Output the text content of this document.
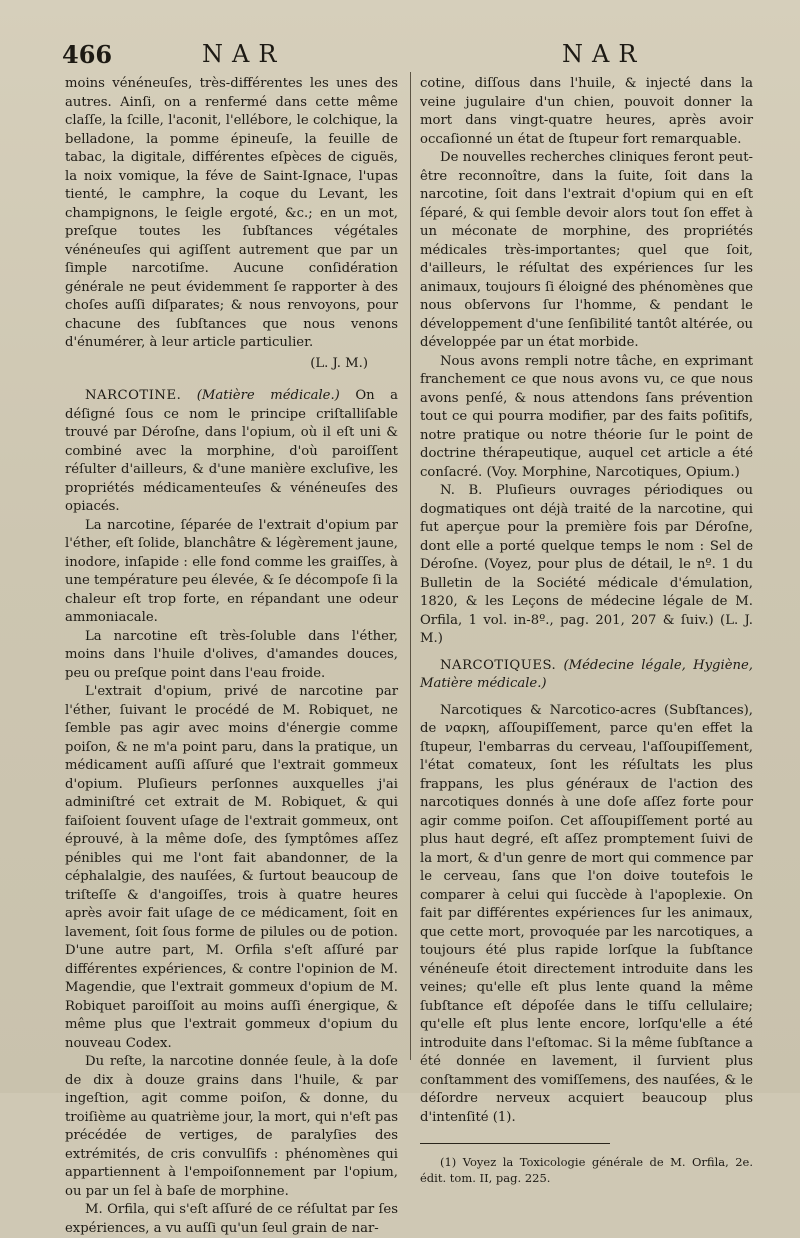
466	NAR	NAR

moins vénéneuſes, très-différentes les unes des autres. Ainſi, on a renfermé dans cette même claſſe, la ſcille, l'aconit, l'ellébore, le colchique, la belladone, la pomme épineuſe, la feuille de tabac, la digitale, différentes eſpèces de ciguës, la noix vomique, la féve de Saint-Ignace, l'upas tienté, le camphre, la coque du Levant, les champignons, le ſeigle ergoté, &c.; en un mot, preſque toutes les ſubſtances végétales vénéneuſes qui agiſſent autrement que par un ſimple narcotiſme. Aucune conſidération générale ne peut évidemment ſe rapporter à des choſes auſſi diſparates; & nous renvoyons, pour chacune des ſubſtances que nous venons d'énumérer, à leur article particulier.

(L. J. M.)

NARCOTINE. (Matière médicale.) On a déſigné ſous ce nom le principe criſtalliſable trouvé par Déroſne, dans l'opium, où il eſt uni & combiné avec la morphine, d'où paroiſſent réſulter d'ailleurs, & d'une manière excluſive, les propriétés médicamenteuſes & vénéneuſes des opiacés.

La narcotine, ſéparée de l'extrait d'opium par l'éther, eſt ſolide, blanchâtre & légèrement jaune, inodore, inſapide : elle fond comme les graiſſes, à une température peu élevée, & ſe décompoſe ſi la chaleur eſt trop forte, en répandant une odeur ammoniacale.

La narcotine eſt très-ſoluble dans l'éther, moins dans l'huile d'olives, d'amandes douces, peu ou preſque point dans l'eau froide.

L'extrait d'opium, privé de narcotine par l'éther, ſuivant le procédé de M. Robiquet, ne ſemble pas agir avec moins d'énergie comme poiſon, & ne m'a point paru, dans la pratique, un médicament auſſi aſſuré que l'extrait gommeux d'opium. Pluſieurs perſonnes auxquelles j'ai adminiſtré cet extrait de M. Robiquet, & qui faiſoient ſouvent uſage de l'extrait gommeux, ont éprouvé, à la même doſe, des ſymptômes aſſez pénibles qui me l'ont fait abandonner, de la céphalalgie, des nauſées, & ſurtout beaucoup de triſteſſe & d'angoiſſes, trois à quatre heures après avoir fait uſage de ce médicament, ſoit en lavement, ſoit ſous forme de pilules ou de potion. D'une autre part, M. Orfila s'eſt aſſuré par différentes expériences, & contre l'opinion de M. Magendie, que l'extrait gommeux d'opium de M. Robiquet paroiſſoit au moins auſſi énergique, & même plus que l'extrait gommeux d'opium du nouveau Codex.

Du reſte, la narcotine donnée ſeule, à la doſe de dix à douze grains dans l'huile, & par ingeſtion, agit comme poiſon, & donne, du troiſième au quatrième jour, la mort, qui n'eſt pas précédée de vertiges, de paralyſies des extrémités, de cris convulſifs : phénomènes qui appartiennent à l'empoiſonnement par l'opium, ou par un ſel à baſe de morphine.

M. Orfila, qui s'eſt aſſuré de ce réſultat par ſes expériences, a vu auſſi qu'un ſeul grain de nar-

cotine, diſſous dans l'huile, & injecté dans la veine jugulaire d'un chien, pouvoit donner la mort dans vingt-quatre heures, après avoir occaſionné un état de ſtupeur fort remarquable.

De nouvelles recherches cliniques feront peut-être reconnoître, dans la ſuite, ſoit dans la narcotine, ſoit dans l'extrait d'opium qui en eſt ſéparé, & qui ſemble devoir alors tout ſon effet à un méconate de morphine, des propriétés médicales très-importantes; quel que ſoit, d'ailleurs, le réſultat des expériences ſur les animaux, toujours ſi éloigné des phénomènes que nous obſervons ſur l'homme, & pendant le développement d'une ſenſibilité tantôt altérée, ou développée par un état morbide.

Nous avons rempli notre tâche, en exprimant franchement ce que nous avons vu, ce que nous avons penſé, & nous attendons ſans prévention tout ce qui pourra modifier, par des faits poſitifs, notre pratique ou notre théorie ſur le point de doctrine thérapeutique, auquel cet article a été conſacré. (Voy. Morphine, Narcotiques, Opium.)

N. B. Pluſieurs ouvrages périodiques ou dogmatiques ont déjà traité de la narcotine, qui fut aperçue pour la première fois par Déroſne, dont elle a porté quelque temps le nom : Sel de Déroſne. (Voyez, pour plus de détail, le nº. 1 du Bulletin de la Société médicale d'émulation, 1820, & les Leçons de médecine légale de M. Orfila, 1 vol. in-8º., pag. 201, 207 & ſuiv.) (L. J. M.)

NARCOTIQUES. (Médecine légale, Hygiène, Matière médicale.)

Narcotiques & Narcotico-acres (Subſtances), de ναρκη, aſſoupiſſement, parce qu'en effet la ſtupeur, l'embarras du cerveau, l'aſſoupiſſement, l'état comateux, ſont les réſultats les plus frappans, les plus généraux de l'action des narcotiques donnés à une doſe aſſez forte pour agir comme poiſon. Cet aſſoupiſſement porté au plus haut degré, eſt aſſez promptement ſuivi de la mort, & d'un genre de mort qui commence par le cerveau, ſans que l'on doive toutefois le comparer à celui qui ſuccède à l'apoplexie. On fait par différentes expériences ſur les animaux, que cette mort, provoquée par les narcotiques, a toujours été plus rapide lorſque la ſubſtance vénéneuſe étoit directement introduite dans les veines; qu'elle eſt plus lente quand la même ſubſtance eſt dépoſée dans le tiſſu cellulaire; qu'elle eſt plus lente encore, lorſqu'elle a été introduite dans l'eſtomac. Si la même ſubſtance a été donnée en lavement, il ſurvient plus conſtamment des vomiſſemens, des nauſées, & le déſordre nerveux acquiert beaucoup plus d'intenſité (1).

(1) Voyez la Toxicologie générale de M. Orfila, 2e. édit. tom. II, pag. 225.
